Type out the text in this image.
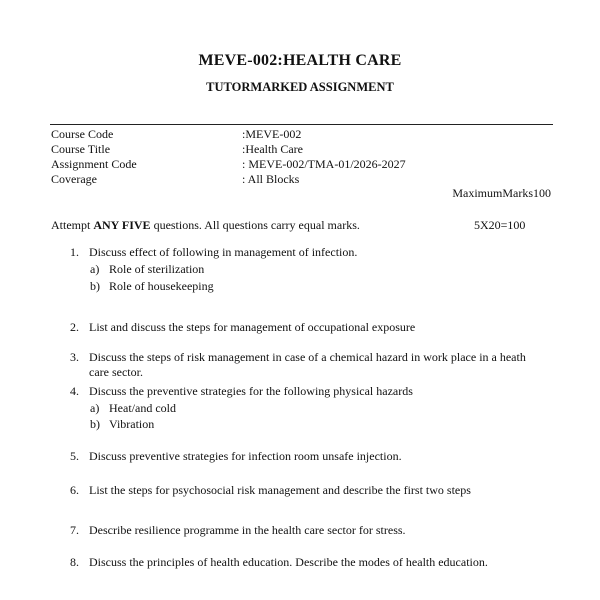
MEVE-002:HEALTH CARE
TUTORMARKED ASSIGNMENT
Course Code	:MEVE-002
Course Title	:Health Care
Assignment Code	: MEVE-002/TMA-01/2026-2027
Coverage	: All Blocks
MaximumMarks100
Attempt ANY FIVE questions. All questions carry equal marks.	5X20=100
1. Discuss effect of following in management of infection.
a) Role of sterilization
b) Role of housekeeping
2. List and discuss the steps for management of occupational exposure
3. Discuss the steps of risk management in case of a chemical hazard in work place in a heath care sector.
4. Discuss the preventive strategies for the following physical hazards
a) Heat/and cold
b) Vibration
5. Discuss preventive strategies for infection room unsafe injection.
6. List the steps for psychosocial risk management and describe the first two steps
7. Describe resilience programme in the health care sector for stress.
8. Discuss the principles of health education. Describe the modes of health education.
